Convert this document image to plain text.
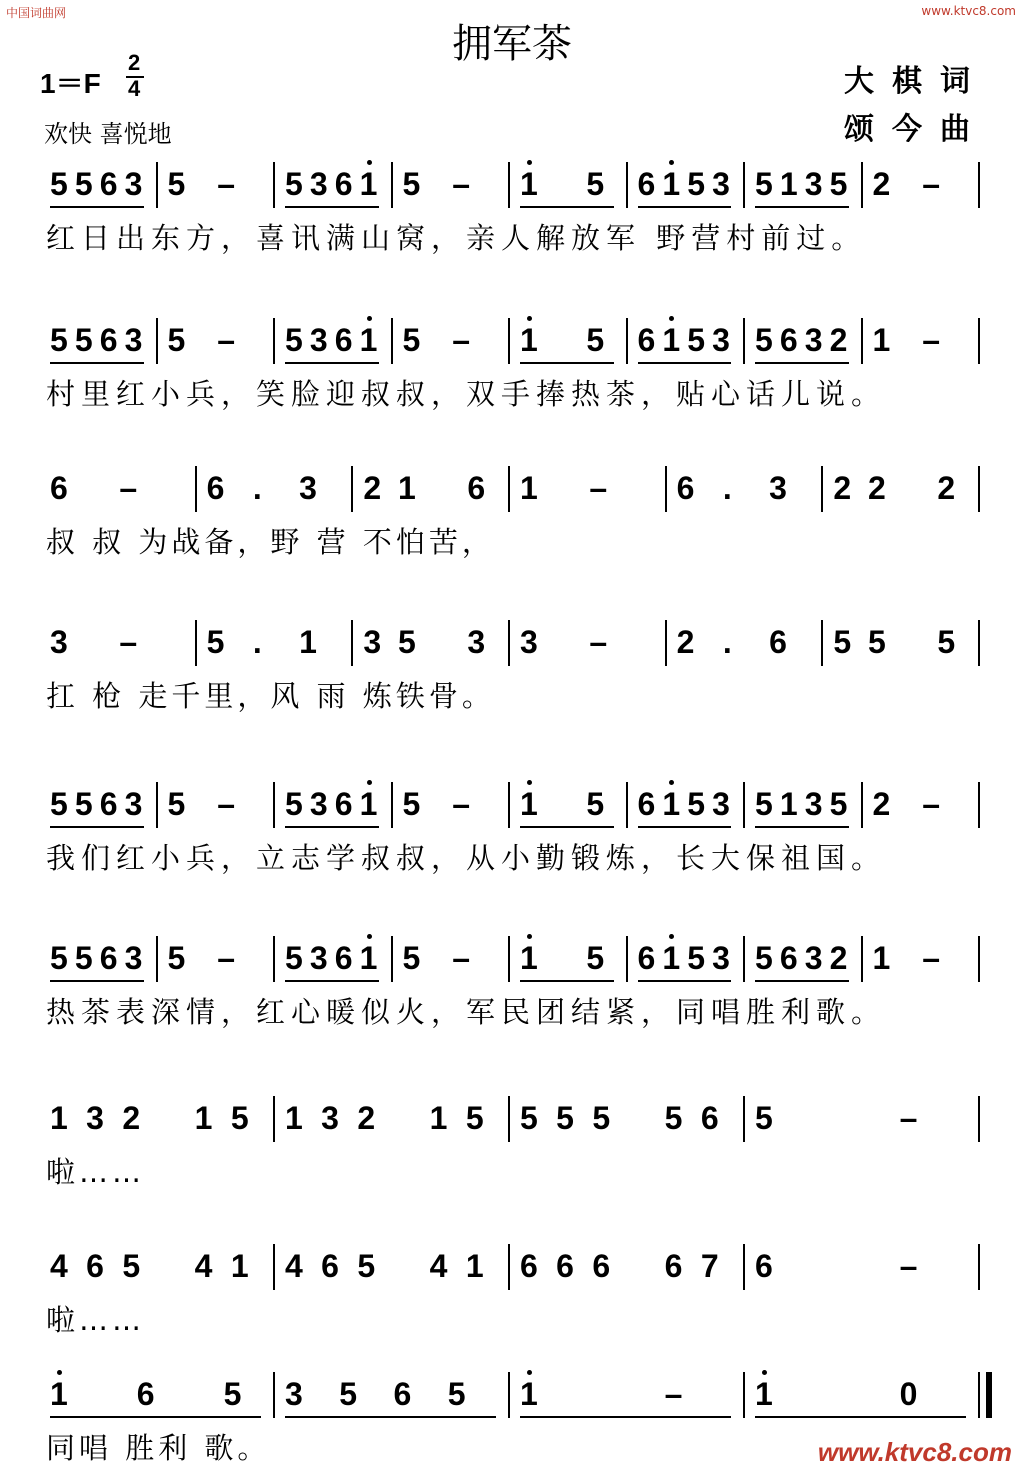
中国词曲网	www.ktvc8.com
拥军茶
1＝F
2
4
欢快 喜悦地
大棋词
颂今曲
5 5 6 3 5 – 5 3 6 1 5 – 1 5 6 1 5 3 5 1 3 5 2 –
红日出东方，喜讯满山窝，亲人解放军 野营村前过。
5 5 6 3 5 – 5 3 6 1 5 – 1 5 6 1 5 3 5 6 3 2 1 –
村里红小兵，笑脸迎叔叔，双手捧热茶，贴心话儿说。
6 – 6 . 3 2 1 6 1 – 6 . 3 2 2 2
叔 叔 为战备，野 营 不怕苦，
3 – 5 . 1 3 5 3 3 – 2 . 6 5 5 5
扛 枪 走千里，风 雨 炼铁骨。
5 5 6 3 5 – 5 3 6 1 5 – 1 5 6 1 5 3 5 1 3 5 2 –
我们红小兵，立志学叔叔，从小勤锻炼，长大保祖国。
5 5 6 3 5 – 5 3 6 1 5 – 1 5 6 1 5 3 5 6 3 2 1 –
热茶表深情，红心暖似火，军民团结紧，同唱胜利歌。
1 3 2 1 5 1 3 2 1 5 5 5 5 5 6 5	–
啦……
4 6 5 4 1 4 6 5 4 1 6 6 6 6 7 6	–
啦……
1 6 5 3 5 6 5 1	– 1	0
同唱 胜利 歌。	www.ktvc8.com
